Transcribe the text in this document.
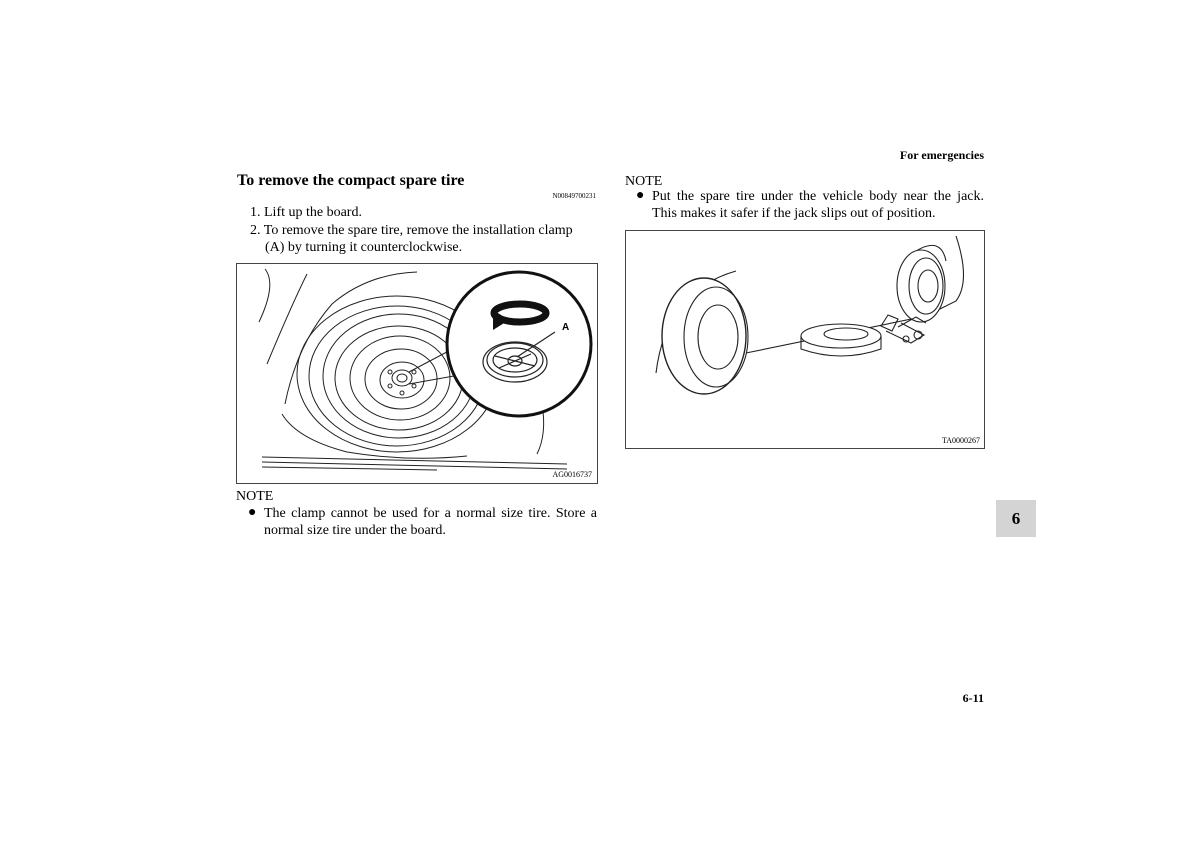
For emergencies
To remove the compact spare tire
N00849700231
1. Lift up the board.
2. To remove the spare tire, remove the installation clamp
(A) by turning it counterclockwise.
AG0016737
A
NOTE
● The clamp cannot be used for a normal size tire. Store a normal size tire under the board.
NOTE
● Put the spare tire under the vehicle body near the jack. This makes it safer if the jack slips out of position.
TA0000267
6
6-11
